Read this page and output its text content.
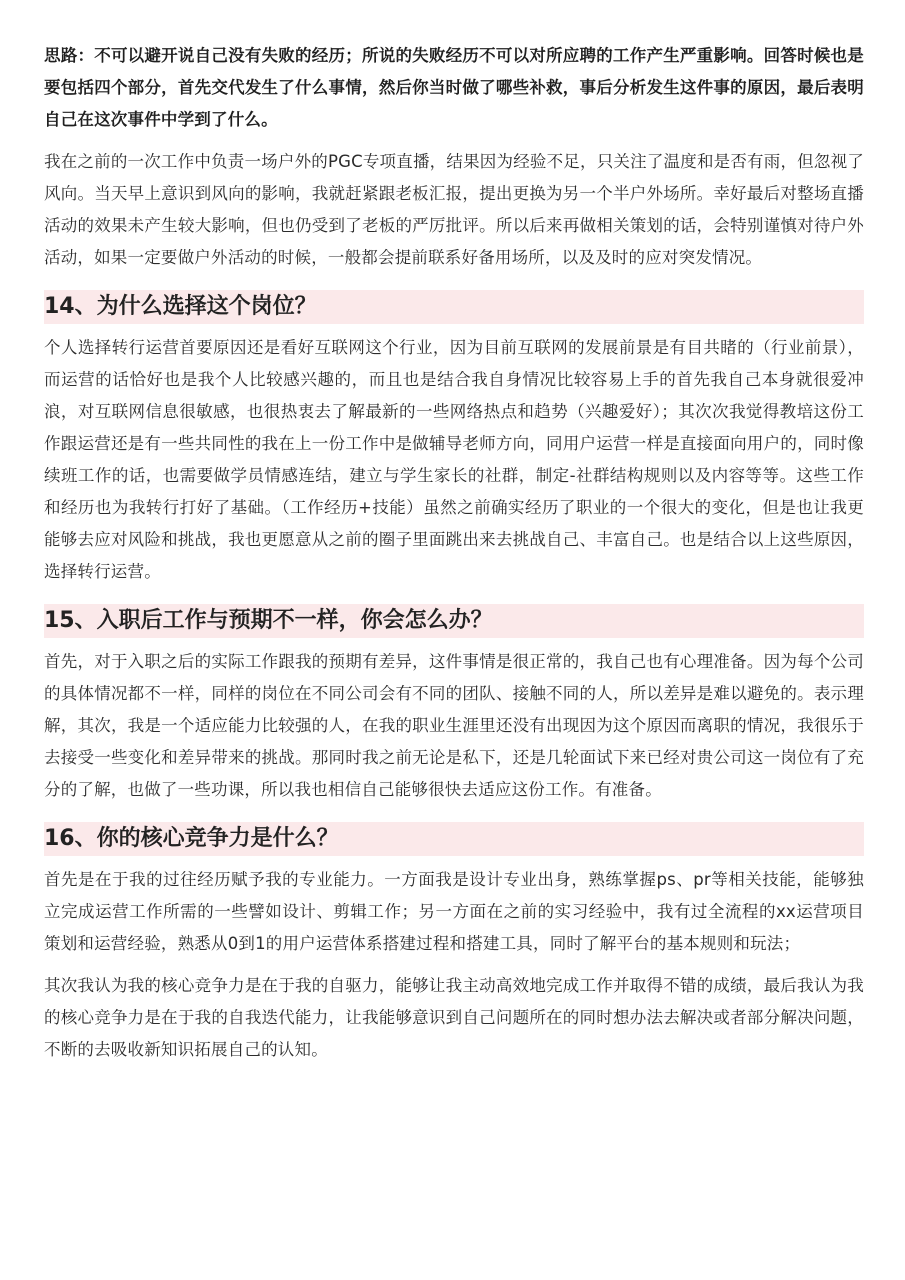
思路：不可以避开说自己没有失败的经历；所说的失败经历不可以对所应聘的工作产生严重影响。回答时候也是要包括四个部分，首先交代发生了什么事情，然后你当时做了哪些补救，事后分析发生这件事的原因，最后表明自己在这次事件中学到了什么。

我在之前的一次工作中负责一场户外的PGC专项直播，结果因为经验不足，只关注了温度和是否有雨，但忽视了风向。当天早上意识到风向的影响，我就赶紧跟老板汇报，提出更换为另一个半户外场所。幸好最后对整场直播活动的效果未产生较大影响，但也仍受到了老板的严厉批评。所以后来再做相关策划的话，会特别谨慎对待户外活动，如果一定要做户外活动的时候，一般都会提前联系好备用场所，以及及时的应对突发情况。

14、为什么选择这个岗位？

个人选择转行运营首要原因还是看好互联网这个行业，因为目前互联网的发展前景是有目共睹的（行业前景），而运营的话恰好也是我个人比较感兴趣的，而且也是结合我自身情况比较容易上手的首先我自己本身就很爱冲浪，对互联网信息很敏感，也很热衷去了解最新的一些网络热点和趋势（兴趣爱好）；其次次我觉得教培这份工作跟运营还是有一些共同性的我在上一份工作中是做辅导老师方向，同用户运营一样是直接面向用户的，同时像续班工作的话，也需要做学员情感连结，建立与学生家长的社群，制定-社群结构规则以及内容等等。这些工作和经历也为我转行打好了基础。（工作经历+技能）虽然之前确实经历了职业的一个很大的变化，但是也让我更能够去应对风险和挑战，我也更愿意从之前的圈子里面跳出来去挑战自己、丰富自己。也是结合以上这些原因，选择转行运营。

15、入职后工作与预期不一样，你会怎么办？

首先，对于入职之后的实际工作跟我的预期有差异，这件事情是很正常的，我自己也有心理准备。因为每个公司的具体情况都不一样，同样的岗位在不同公司会有不同的团队、接触不同的人，所以差异是难以避免的。表示理解，其次，我是一个适应能力比较强的人，在我的职业生涯里还没有出现因为这个原因而离职的情况，我很乐于去接受一些变化和差异带来的挑战。那同时我之前无论是私下，还是几轮面试下来已经对贵公司这一岗位有了充分的了解，也做了一些功课，所以我也相信自己能够很快去适应这份工作。有准备。

16、你的核心竞争力是什么？

首先是在于我的过往经历赋予我的专业能力。一方面我是设计专业出身，熟练掌握ps、pr等相关技能，能够独立完成运营工作所需的一些譬如设计、剪辑工作；另一方面在之前的实习经验中，我有过全流程的xx运营项目策划和运营经验，熟悉从0到1的用户运营体系搭建过程和搭建工具，同时了解平台的基本规则和玩法；

其次我认为我的核心竞争力是在于我的自驱力，能够让我主动高效地完成工作并取得不错的成绩，最后我认为我的核心竞争力是在于我的自我迭代能力，让我能够意识到自己问题所在的同时想办法去解决或者部分解决问题，不断的去吸收新知识拓展自己的认知。
